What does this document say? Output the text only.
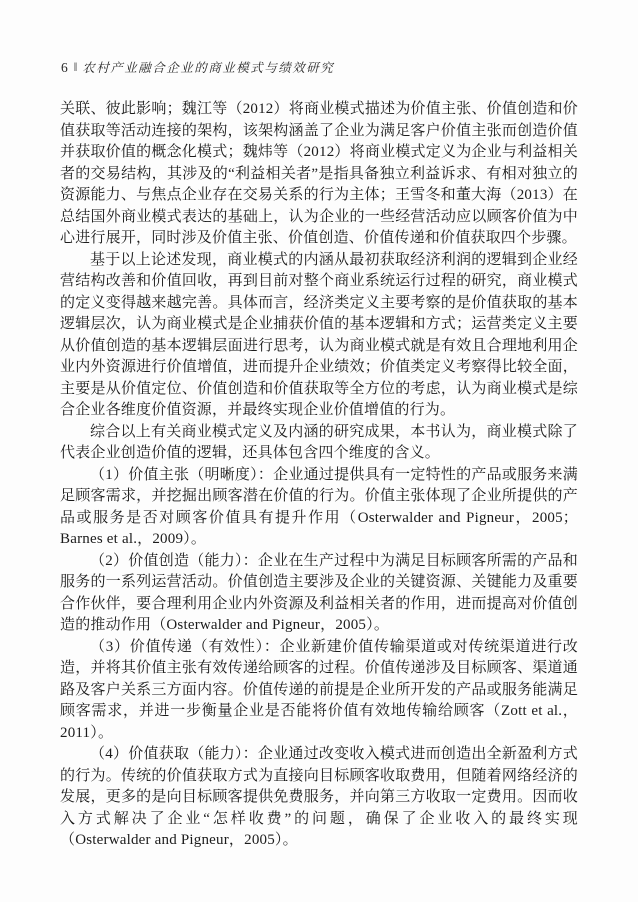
6 ‖ 农村产业融合企业的商业模式与绩效研究

关联、彼此影响；魏江等（2012）将商业模式描述为价值主张、价值创造和价值获取等活动连接的架构，该架构涵盖了企业为满足客户价值主张而创造价值并获取价值的概念化模式；魏炜等（2012）将商业模式定义为企业与利益相关者的交易结构，其涉及的“利益相关者”是指具备独立利益诉求、有相对独立的资源能力、与焦点企业存在交易关系的行为主体；王雪冬和董大海（2013）在总结国外商业模式表达的基础上，认为企业的一些经营活动应以顾客价值为中心进行展开，同时涉及价值主张、价值创造、价值传递和价值获取四个步骤。

基于以上论述发现，商业模式的内涵从最初获取经济利润的逻辑到企业经营结构改善和价值回收，再到目前对整个商业系统运行过程的研究，商业模式的定义变得越来越完善。具体而言，经济类定义主要考察的是价值获取的基本逻辑层次，认为商业模式是企业捕获价值的基本逻辑和方式；运营类定义主要从价值创造的基本逻辑层面进行思考，认为商业模式就是有效且合理地利用企业内外资源进行价值增值，进而提升企业绩效；价值类定义考察得比较全面，主要是从价值定位、价值创造和价值获取等全方位的考虑，认为商业模式是综合企业各维度价值资源，并最终实现企业价值增值的行为。

综合以上有关商业模式定义及内涵的研究成果，本书认为，商业模式除了代表企业创造价值的逻辑，还具体包含四个维度的含义。

（1）价值主张（明晰度）：企业通过提供具有一定特性的产品或服务来满足顾客需求，并挖掘出顾客潜在价值的行为。价值主张体现了企业所提供的产品或服务是否对顾客价值具有提升作用（Osterwalder and Pigneur，2005；Barnes et al.，2009）。

（2）价值创造（能力）：企业在生产过程中为满足目标顾客所需的产品和服务的一系列运营活动。价值创造主要涉及企业的关键资源、关键能力及重要合作伙伴，要合理利用企业内外资源及利益相关者的作用，进而提高对价值创造的推动作用（Osterwalder and Pigneur，2005）。

（3）价值传递（有效性）：企业新建价值传输渠道或对传统渠道进行改造，并将其价值主张有效传递给顾客的过程。价值传递涉及目标顾客、渠道通路及客户关系三方面内容。价值传递的前提是企业所开发的产品或服务能满足顾客需求，并进一步衡量企业是否能将价值有效地传输给顾客（Zott et al.，2011）。

（4）价值获取（能力）：企业通过改变收入模式进而创造出全新盈利方式的行为。传统的价值获取方式为直接向目标顾客收取费用，但随着网络经济的发展，更多的是向目标顾客提供免费服务，并向第三方收取一定费用。因而收入方式解决了企业“怎样收费”的问题，确保了企业收入的最终实现（Osterwalder and Pigneur，2005）。
